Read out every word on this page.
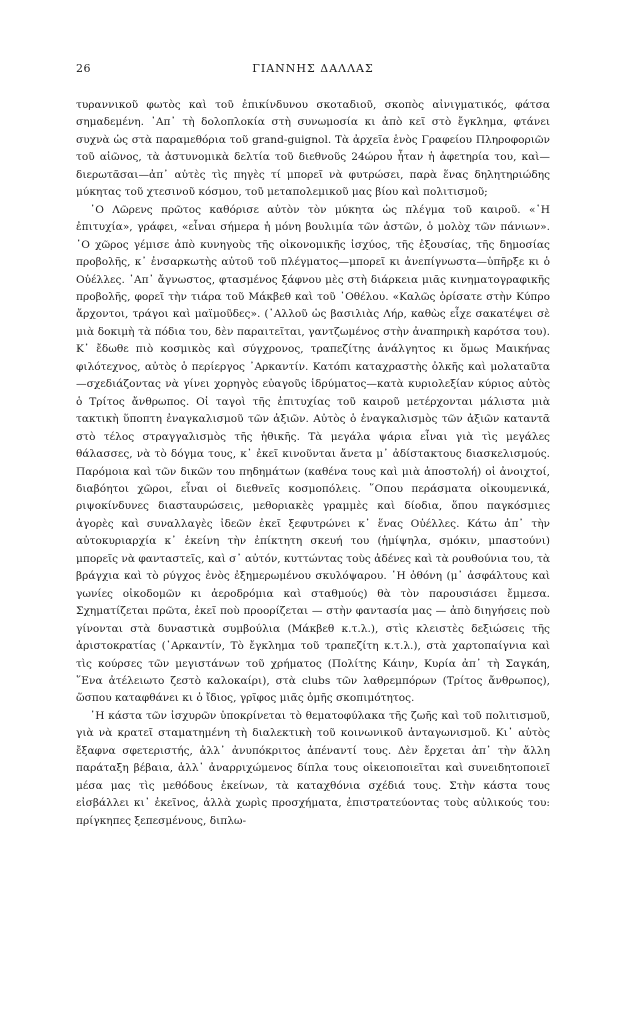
26	ΓΙΑΝΝΗΣ ΔΑΛΛΑΣ

τυραννικοῦ φωτὸς καὶ τοῦ ἐπικίνδυνου σκοταδιοῦ, σκοπὸς αἰνιγματικός, φάτσα σημαδεμένη. ᾿Απ᾿ τὴ δολοπλοκία στὴ συνωμοσία κι ἀπὸ κεῖ στὸ ἔγκλημα, φτάνει συχνὰ ὡς στὰ παραμεθόρια τοῦ grand-guignol. Τὰ ἀρχεῖα ἑνὸς Γραφείου Πληροφοριῶν τοῦ αἰῶνος, τὰ ἀστυνομικὰ δελτία τοῦ διεθνοῦς 24ώρου ἦταν ἡ ἀφετηρία του, καὶ—διερωτᾶσαι—ἀπ᾿ αὐτὲς τὶς πηγὲς τί μπορεῖ νὰ φυτρώσει, παρὰ ἕνας δηλητηριώδης μύκητας τοῦ χτεσινοῦ κόσμου, τοῦ μεταπολεμικοῦ μας βίου καὶ πολιτισμοῦ;

῾Ο Λῶρενς πρῶτος καθόρισε αὐτὸν τὸν μύκητα ὡς πλέγμα τοῦ καιροῦ. «῾Η ἐπιτυχία», γράφει, «εἶναι σήμερα ἡ μόνη βουλιμία τῶν ἀστῶν, ὁ μολὸχ τῶν πάνιων». ῾Ο χῶρος γέμισε ἀπὸ κυνηγοὺς τῆς οἰκονομικῆς ἰσχύος, τῆς ἐξουσίας, τῆς δημοσίας προβολῆς, κ᾿ ἐνσαρκωτὴς αὐτοῦ τοῦ πλέγματος—μπορεῖ κι ἀνεπίγνωστα—ὑπῆρξε κι ὁ Οὐέλλες. ᾿Απ᾿ ἄγνωστος, φτασμένος ξάφνου μὲς στὴ διάρκεια μιᾶς κινηματογραφικῆς προβολῆς, φορεῖ τὴν τιάρα τοῦ Μάκβεθ καὶ τοῦ ᾿Οθέλου. «Καλῶς ὁρίσατε στὴν Κύπρο ἄρχοντοι, τράγοι καὶ μαϊμοῦδες». (᾿Αλλοῦ ὡς βασιλιὰς Λήρ, καθὼς εἶχε σακατέψει σὲ μιὰ δοκιμὴ τὰ πόδια του, δὲν παραιτεῖται, γαντζωμένος στὴν ἀναπηρικὴ καρότσα του). Κ᾿ ἔδωθε πιὸ κοσμικὸς καὶ σύγχρονος, τραπεζίτης ἀνάλγητος κι ὅμως Μαικήνας φιλότεχνος, αὐτὸς ὁ περίεργος ᾿Αρκαντίν. Κατόπι καταχραστὴς ὀλκῆς καὶ μολαταῦτα—σχεδιάζοντας νὰ γίνει χορηγὸς εὐαγοῦς ἱδρύματος—κατὰ κυριολεξίαν κύριος αὐτὸς ὁ Τρίτος ἄνθρωπος. Οἱ ταγοὶ τῆς ἐπιτυχίας τοῦ καιροῦ μετέρχονται μάλιστα μιὰ τακτικὴ ὕποπτη ἐναγκαλισμοῦ τῶν ἀξιῶν. Αὐτὸς ὁ ἐναγκαλισμὸς τῶν ἀξιῶν καταντᾶ στὸ τέλος στραγγαλισμὸς τῆς ἠθικῆς. Τὰ μεγάλα ψάρια εἶναι γιὰ τὶς μεγάλες θάλασσες, νὰ τὸ δόγμα τους, κ᾿ ἐκεῖ κινοῦνται ἄνετα μ᾿ ἀδίστακτους διασκελισμούς. Παρόμοια καὶ τῶν δικῶν του πηδημάτων (καθένα τους καὶ μιὰ ἀποστολή) οἱ ἀνοιχτοί, διαβόητοι χῶροι, εἶναι οἱ διεθνεῖς κοσμοπόλεις. ῞Οπου περάσματα οἰκουμενικά, ριψοκίνδυνες διασταυρώσεις, μεθοριακὲς γραμμὲς καὶ δίοδια, ὅπου παγκόσμιες ἀγορὲς καὶ συναλλαγὲς ἰδεῶν ἐκεῖ ξεφυτρώνει κ᾿ ἕνας Οὐέλλες. Κάτω ἀπ᾿ τὴν αὐτοκυριαρχία κ᾿ ἐκείνη τὴν ἐπίκτητη σκευή του (ἡμίψηλα, σμόκιν, μπαστούνι) μπορεῖς νὰ φανταστεῖς, καὶ σ᾿ αὐτόν, κυττώντας τοὺς ἀδένες καὶ τὰ ρουθούνια του, τὰ βράγχια καὶ τὸ ρύγχος ἑνὸς ἐξημερωμένου σκυλόψαρου. ῾Η ὀθόνη (μ᾿ ἀσφάλτους καὶ γωνίες οἰκοδομῶν κι ἀεροδρόμια καὶ σταθμούς) θὰ τὸν παρουσιάσει ἔμμεσα. Σχηματίζεται πρῶτα, ἐκεῖ ποὺ προορίζεται — στὴν φαντασία μας — ἀπὸ διηγήσεις ποὺ γίνονται στὰ δυναστικὰ συμβούλια (Μάκβεθ κ.τ.λ.), στὶς κλειστὲς δεξιώσεις τῆς ἀριστοκρατίας (᾿Αρκαντίν, Τὸ ἔγκλημα τοῦ τραπεζίτη κ.τ.λ.), στὰ χαρτοπαίγνια καὶ τὶς κούρσες τῶν μεγιστάνων τοῦ χρήματος (Πολίτης Κάιην, Κυρία ἀπ᾿ τὴ Σαγκάη, ῞Ενα ἀτέλειωτο ζεστὸ καλοκαίρι), στὰ clubs τῶν λαθρεμπόρων (Τρίτος ἄνθρωπος), ὥσπου καταφθάνει κι ὁ ἴδιος, γρῖφος μιᾶς ὁμῆς σκοπιμότητος.

῾Η κάστα τῶν ἰσχυρῶν ὑποκρίνεται τὸ θεματοφύλακα τῆς ζωῆς καὶ τοῦ πολιτισμοῦ, γιὰ νὰ κρατεῖ σταματημένη τὴ διαλεκτικὴ τοῦ κοινωνικοῦ ἀνταγωνισμοῦ. Κι᾿ αὐτὸς ἔξαφνα σφετεριστής, ἀλλ᾿ ἀνυπόκριτος ἀπέναντί τους. Δὲν ἔρχεται ἀπ᾿ τὴν ἄλλη παράταξη βέβαια, ἀλλ᾿ ἀναρριχώμενος δίπλα τους οἰκειοποιεῖται καὶ συνειδητοποιεῖ μέσα μας τὶς μεθόδους ἐκείνων, τὰ καταχθόνια σχέδιά τους. Στὴν κάστα τους εἰσβάλλει κι᾿ ἐκεῖνος, ἀλλὰ χωρὶς προσχήματα, ἐπιστρατεύοντας τοὺς αὐλικούς του: πρίγκηπες ξεπεσμένους, διπλω-
